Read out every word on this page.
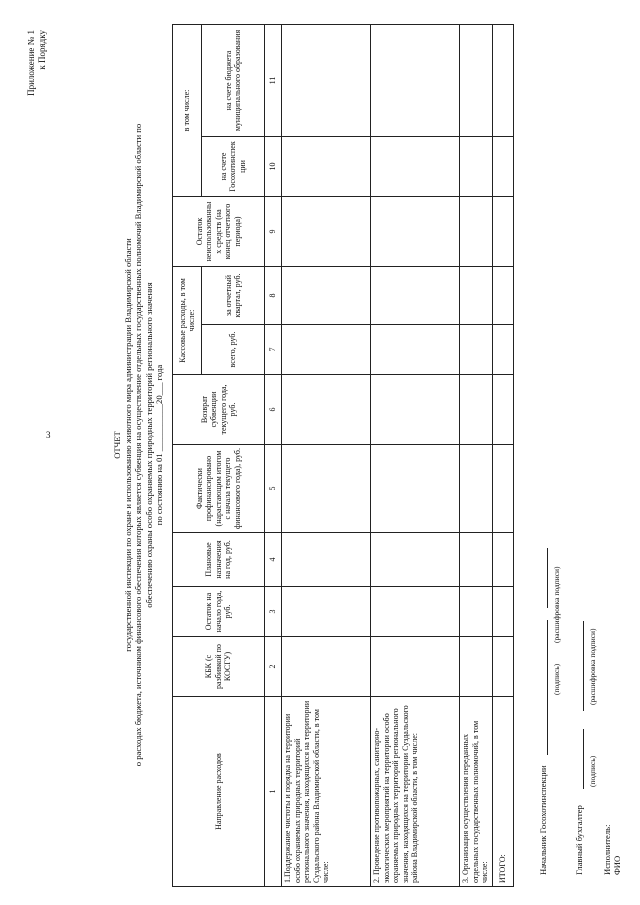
3
Приложение № 1 к Порядку
ОТЧЕТ государственной инспекции по охране и использованию животного мира администрации Владимирской области о расходах бюджета, источником финансового обеспечения которых является субвенция на осуществление отдельных государственных полномочий Владимирской области по обеспечению охраны особо охраняемых природных территорий регионального значения по состоянию на 01 ___________20___ года
Направление расходов	КБК (с разбивкой по КОСГУ)	Остаток на начало года, руб.	Плановые назначения на год, руб.	Фактически профинансировано (нарастающим итогом с начала текущего финансового года), руб.	Возврат субвенции текущего года, руб.	Кассовые расходы, в том числе:		Остаток неиспользованных средств (на конец отчетного периода)	в том числе:	
						всего, руб.	за отчетный квартал, руб.		на счете Госохотинспекции	на счете бюджета муниципального образования
1	2	3	4	5	6	7	8	9	10	11
1.Поддержание чистоты и порядка на территории особо охраняемых природных территорий регионального значения, находящихся на территории Суздальского района Владимирской области, в том числе:										
2. Проведение противопожарных, санитарно-экологических мероприятий на территории особо охраняемых природных территорий регионального значения, находящихся на территории Суздальского района Владимирской области, в том числе:										
3. Организация осуществления переданных отдельных государственных полномочий, в том числе:										
ИТОГО:											Начальник Госохотинспекции
(подпись)
(расшифровка подписи)
Главный бухгалтер
(подпись)
(расшифровка подписи)
Исполнитель: ФИО
